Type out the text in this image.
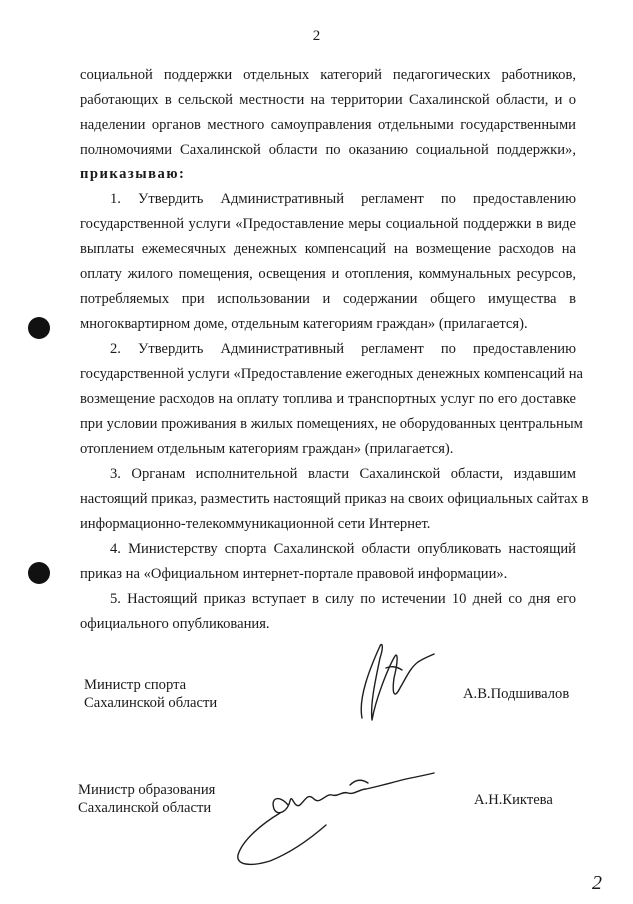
2
социальной поддержки отдельных категорий педагогических работников,
работающих в сельской местности на территории Сахалинской области, и о
наделении органов местного самоуправления отдельными государственными
полномочиями Сахалинской области по оказанию социальной поддержки»,
приказываю:
1. Утвердить Административный регламент по предоставлению
государственной услуги «Предоставление меры социальной поддержки в виде
выплаты ежемесячных денежных компенсаций на возмещение расходов на
оплату жилого помещения, освещения и отопления, коммунальных ресурсов,
потребляемых при использовании и содержании общего имущества в
многоквартирном доме, отдельным категориям граждан» (прилагается).
2. Утвердить Административный регламент по предоставлению
государственной услуги «Предоставление ежегодных денежных компенсаций на
возмещение расходов на оплату топлива и транспортных услуг по его доставке
при условии проживания в жилых помещениях, не оборудованных центральным
отоплением отдельным категориям граждан» (прилагается).
3. Органам исполнительной власти Сахалинской области, издавшим
настоящий приказ, разместить настоящий приказ на своих официальных сайтах в
информационно-телекоммуникационной сети Интернет.
4. Министерству спорта Сахалинской области опубликовать настоящий
приказ на «Официальном интернет-портале правовой информации».
5. Настоящий приказ вступает в силу по истечении 10 дней со дня его
официального опубликования.
Министр спорта
Сахалинской области
А.В.Подшивалов
Министр образования
Сахалинской области	А.Н.Киктева
2
